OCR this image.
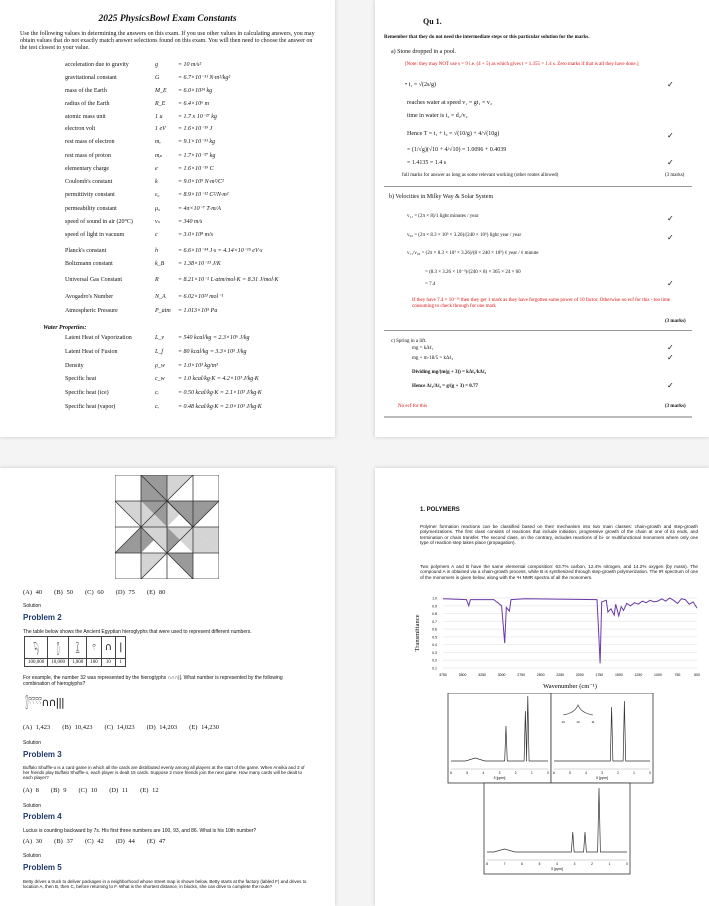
2025 PhysicsBowl Exam Constants
Use the following values in determining the answers on this exam. If you use other values in calculating answers, you may obtain values that do not exactly match answer selections found on this exam. You will then need to choose the answer on the test closest to your value.
acceleration due to gravity	g	= 10 m/s²
gravitational constant	G	= 6.7×10⁻¹¹ N·m²/kg²
mass of the Earth	M_E = 6.0×10²⁴ kg
radius of the Earth	R_E = 6.4×10⁶ m
atomic mass unit	1 u	= 1.7 x 10⁻²⁷ kg
electron volt	1 eV = 1.6×10⁻¹⁹ J
rest mass of electron	mₑ	= 9.1×10⁻³¹ kg
rest mass of proton	mₚ	= 1.7×10⁻²⁷ kg
elementary charge	e	= 1.6×10⁻¹⁹ C
Coulomb's constant	k	= 9.0×10⁹ N·m²/C²
permittivity constant	ε₀	= 8.9×10⁻¹² C²/N·m²
permeability constant	μ₀	= 4π×10⁻⁷ T·m/A
speed of sound in air (20°C)	vₛ	= 340 m/s
speed of light in vacuum	c	= 3.0×10⁸ m/s
Planck's constant	h	= 6.6×10⁻³⁴ J·s = 4.14×10⁻¹⁵ eV·s
Boltzmann constant	k_B = 1.38×10⁻²³ J/K
Universal Gas Constant	R	= 8.21×10⁻² L·atm/mol·K = 8.31 J/mol·K
Avogadro's Number	N_A = 6.02×10²³ mol⁻¹
Atmospheric Pressure	P_atm = 1.013×10⁵ Pa
Water Properties:
Latent Heat of Vaporization	L_v = 540 kcal/kg = 2.3×10⁶ J/kg
Latent Heat of Fusion	L_f = 80 kcal/kg = 3.3×10⁵ J/kg
Density	ρ_w = 1.0×10³ kg/m³
Specific heat	c_w = 1.0 kcal/kg·K = 4.2×10³ J/kg·K
Specific heat (ice)	cᵢ	= 0.50 kcal/kg·K = 2.1×10³ J/kg·K
Specific heat (vapor)	cᵥ	= 0.48 kcal/kg·K = 2.0×10³ J/kg·K
Qu 1.
Remember that they do not need the intermediate steps or this particular solution for the marks.
a) Stone dropped in a pool.
[Note: they may NOT use s = 9 i.e. (4 + 5) as which gives t = 1.355 = 1.4 s. Zero marks if that is all they have done.]
• t₁ = √(2s/g)
reaches water at speed v₁ = gt₁ = v₂
time in water is t₂ = d₂/v₂
Hence T = t₁ + t₂ = √(10/g) + 4/√(10g)
= (1/√g)(√10 + 4/√10) = 1.0096 + 0.4039
= 1.4135 = 1.4 s
full marks for answer as long as some relevant working (other routes allowed)	(3 marks)
b) Velocities in Milky Way & Solar System
v₁₁ = (2π × 8)/1 light minutes / year
v₉₉ = (2π × 8.3 × 10³ × 3.26)/(240 × 10⁶) light year / year
v₁₁/v₉₉ = (2π × 8.3 × 10³ × 3.26)/(8 × 240 × 10⁶) ℓ year / ℓ minute
= (8.3 × 3.26 × 10⁻³)/(240 × 8) × 365 × 24 × 60
= 7.4
If they have 7.4 × 10⁻¹⁶ then they get 1 mark as they have forgotten some power of 10 factor. Otherwise no ecf for this - too time consuming to check through for one mark
(3 marks)
c) Spring in a lift.
mg = kΔℓ₁
mg + m·18/5 = kΔℓ₂
Dividing mg/(m(g + 3)) = kΔℓ₁/kΔℓ₂
Hence Δℓ₁/Δℓ₂ = g/(g + 3) = 0.77
No ecf for this	(3 marks)
✓
✓
✓
✓
✓
✓
✓
✓
✓
(A) 40 (B) 50 (C) 60 (D) 75 (E) 80
Solution
Problem 2
The table below shows the Ancient Egyptian hieroglyphs that were used to represent different numbers.
𓆐	𓂭	𓆼	𓍢	∩	|
100,000	10,000	1,000	100	10	1
For example, the number 32 was represented by the hieroglyphs ∩∩∩||. What number is represented by the following combination of hieroglyphs?
𓂭𓍢𓍢𓍢𓍢∩∩|||
(A) 1,423 (B) 10,423 (C) 14,023 (D) 14,203 (E) 14,230
Solution
Problem 3
Buffalo Shuffle-o is a card game in which all the cards are distributed evenly among all players at the start of the game. When Annika and 3 of her friends play Buffalo Shuffle-o, each player is dealt 15 cards. Suppose 2 more friends join the next game. How many cards will be dealt to each player?
(A) 8 (B) 9 (C) 10 (D) 11 (E) 12
Solution
Problem 4
Lucius is counting backward by 7s. His first three numbers are 100, 93, and 86. What is his 10th number?
(A) 30 (B) 37 (C) 42 (D) 44 (E) 47
Solution
Problem 5
Betty drives a truck to deliver packages in a neighborhood whose street map is shown below. Betty starts at the factory (labled F) and drives to location A, then B, then C, before returning to F. What is the shortest distance, in blocks, she can drive to complete the route?
1. POLYMERS
Polymer formation reactions can be classified based on their mechanism into two main classes: chain-growth and step-growth polymerizations. The first class consists of reactions that include initiation, progressive growth of the chain at one of its ends, and termination or chain transfer. The second class, on the contrary, includes reactions of bi- or multifunctional monomers where only one type of reaction step takes place (propagation).
Two polymers A and B have the same elemental composition: 63.7% carbon, 12.4% nitrogen, and 14.2% oxygen (by mass). The compound A is obtained via a chain-growth process, while B is synthesized through step-growth polymerization. The IR spectrum of one of the monomers is given below, along with the ¹H NMR spectra of all the monomers.
0.1
0.2
0.3
0.4
0.5
0.6
0.7
0.8
0.9
1.0
3750	3500	3250	3000	2750	2500	2250	2000	1750	1500	1250	1000	750	500
Wavenumber (cm⁻¹)
Transmittance
6	5	4	3	2	1	0
δ [ppm]
6	5	4	3	2	1	0
δ [ppm]
13	12	11
8	7	6	5	4	3	2	1	0
δ [ppm]
